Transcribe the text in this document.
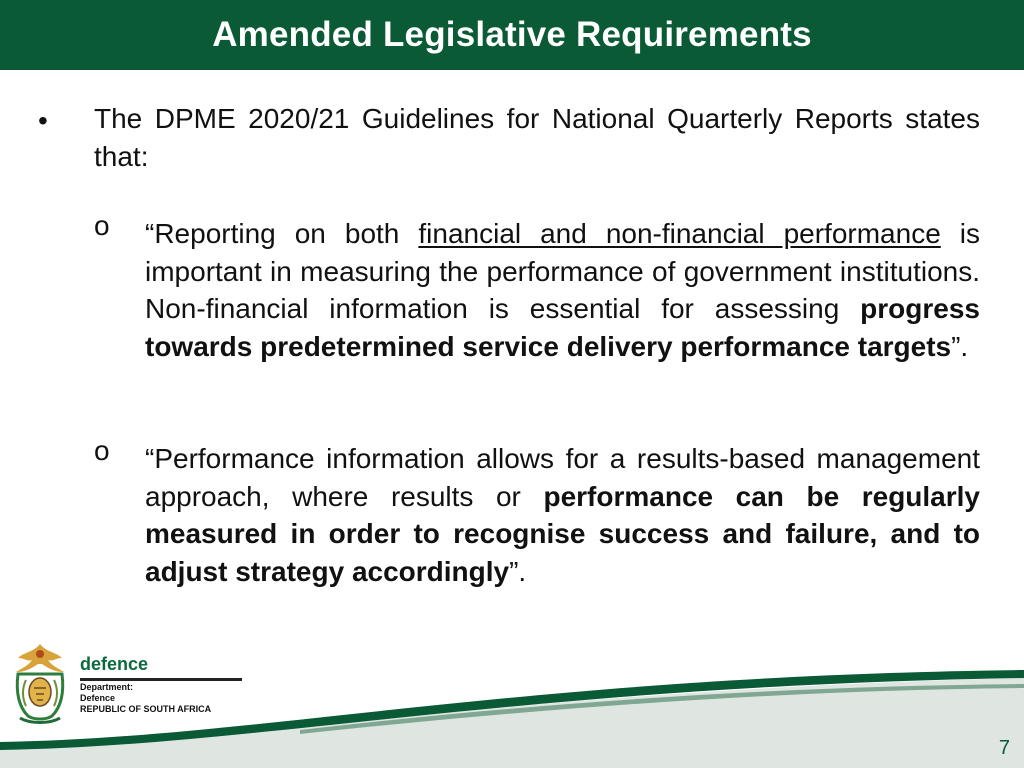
Amended Legislative Requirements
• The DPME 2020/21 Guidelines for National Quarterly Reports states that:
o “Reporting on both financial and non-financial performance is important in measuring the performance of government institutions. Non-financial information is essential for assessing progress towards predetermined service delivery performance targets”.
o “Performance information allows for a results-based management approach, where results or performance can be regularly measured in order to recognise success and failure, and to adjust strategy accordingly”.
defence
Department:
Defence
REPUBLIC OF SOUTH AFRICA
7
